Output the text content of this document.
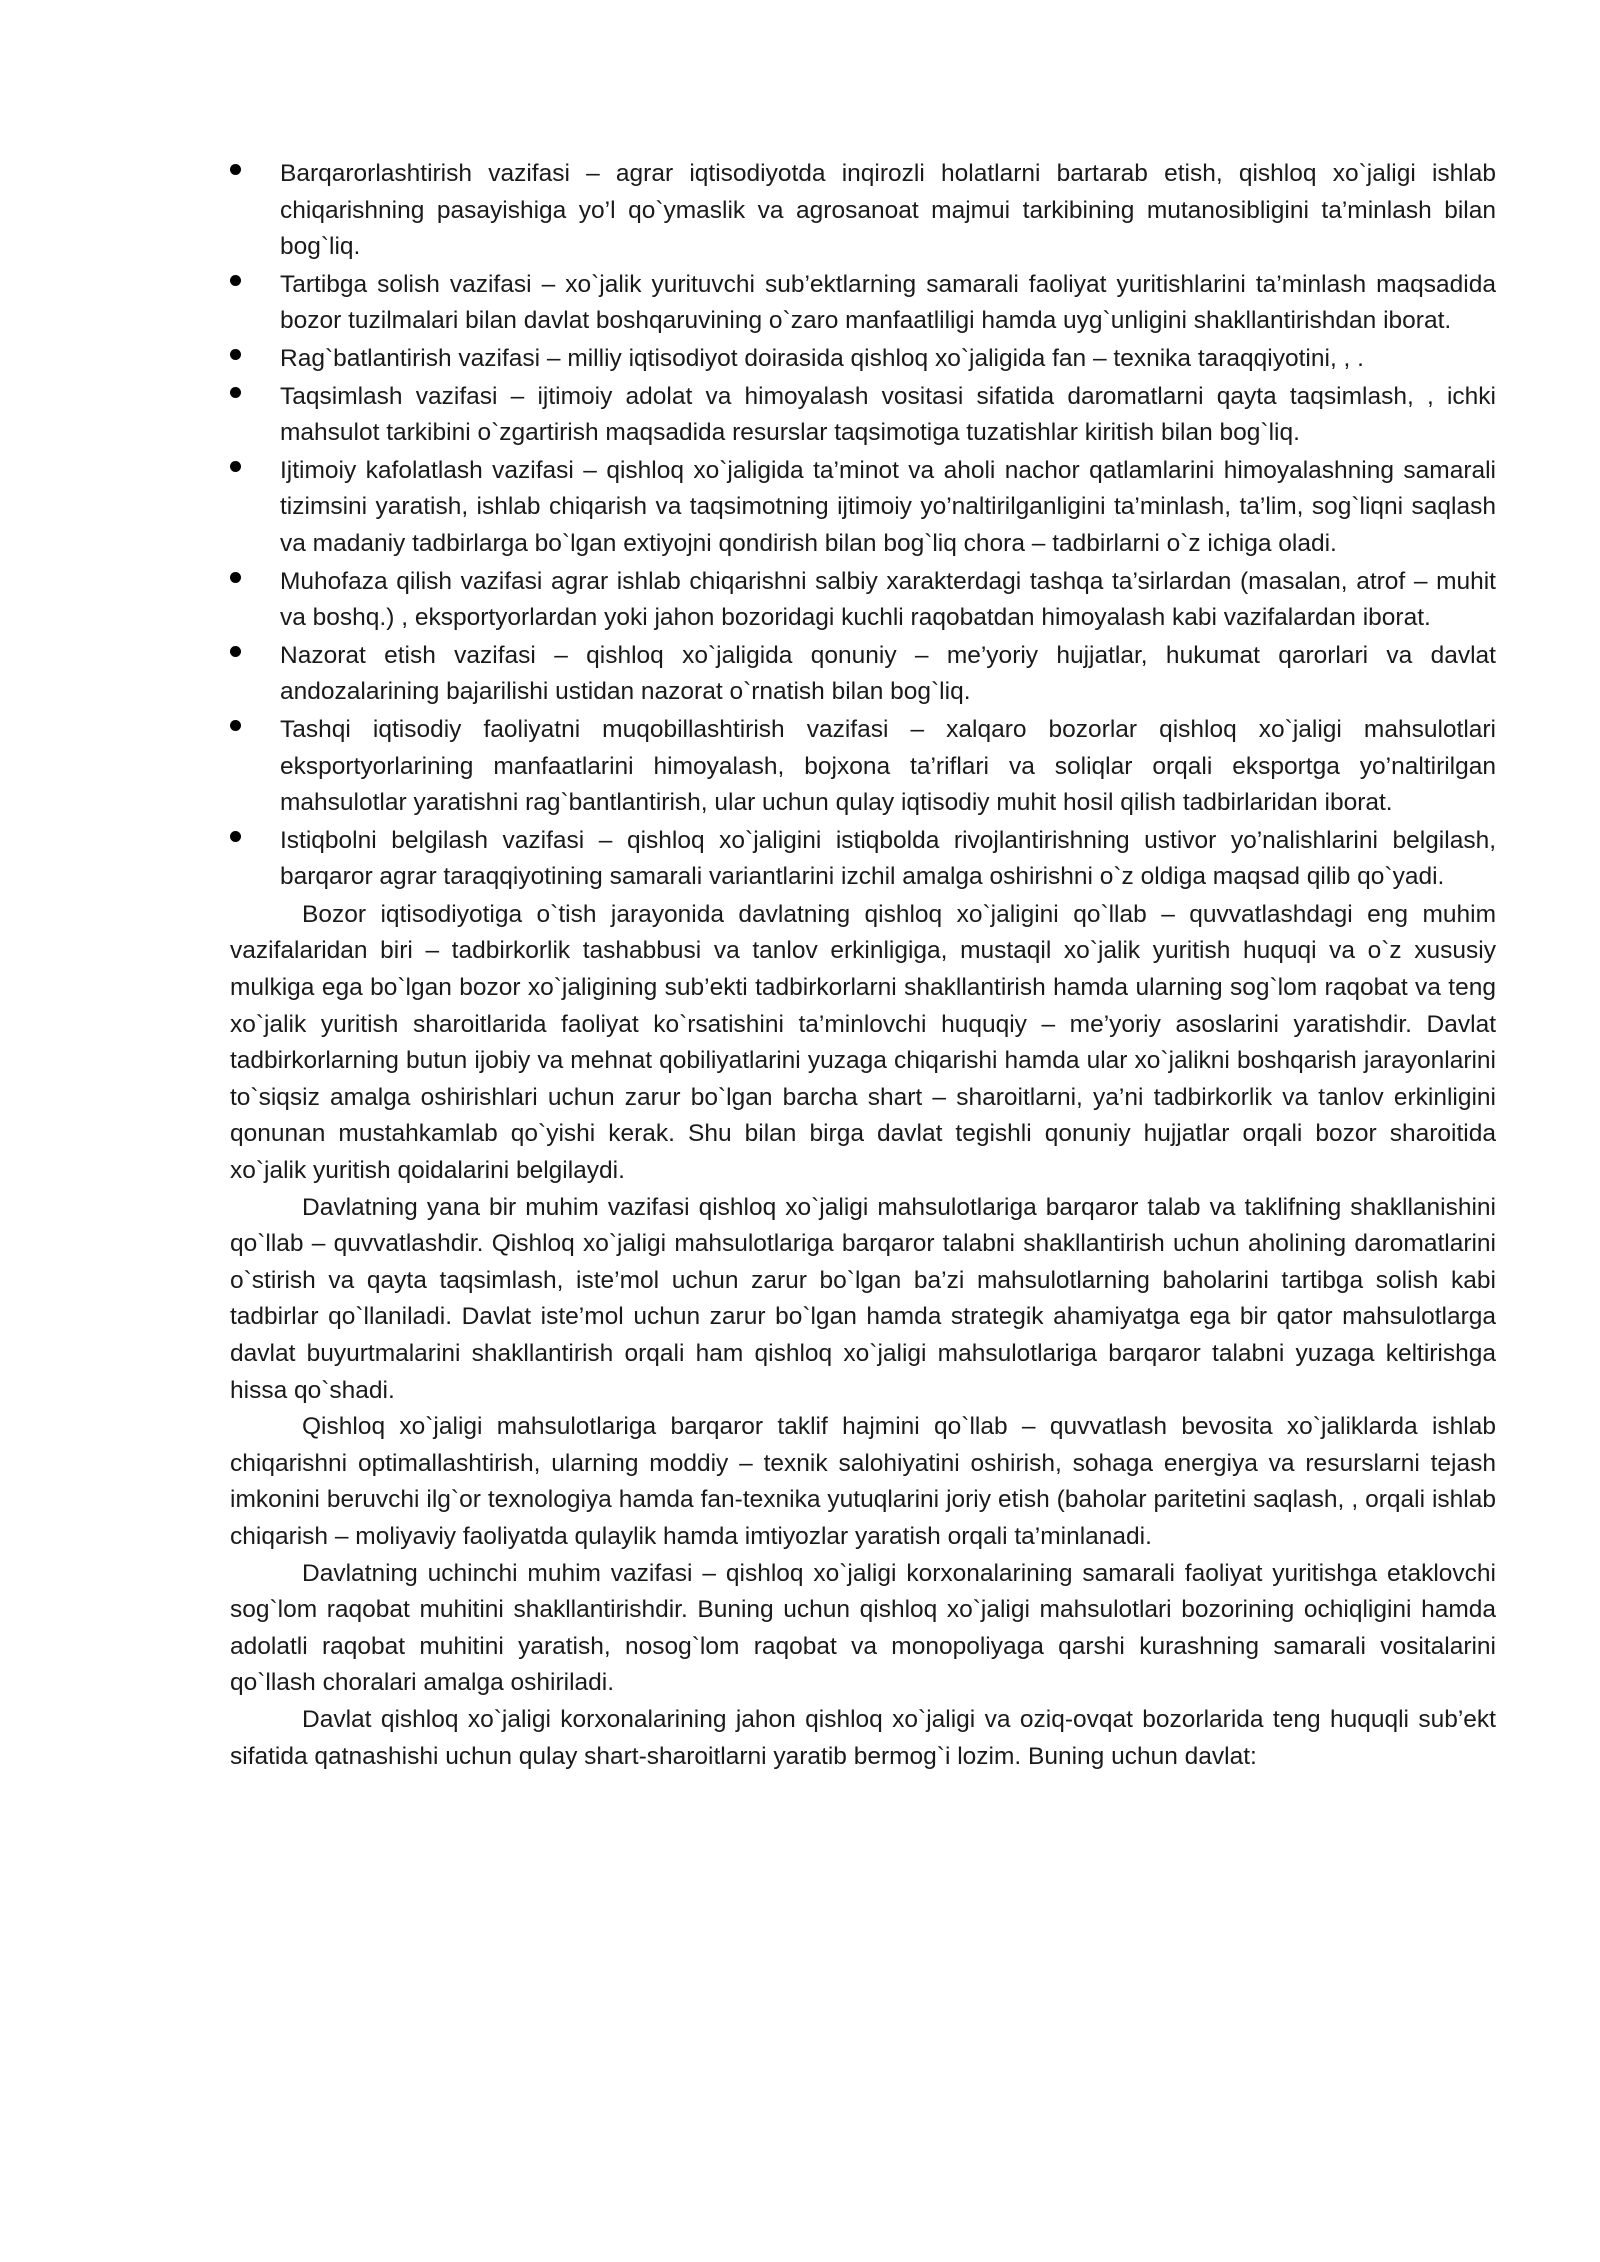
Barqarorlashtirish vazifasi – agrar iqtisodiyotda inqirozli holatlarni bartarab etish, qishloq xo`jaligi ishlab chiqarishning pasayishiga yo’l qo`ymaslik va agrosanoat majmui tarkibining mutanosibligini ta’minlash bilan bog`liq.
Tartibga solish vazifasi – xo`jalik yurituvchi sub’ektlarning samarali faoliyat yuritishlarini ta’minlash maqsadida bozor tuzilmalari bilan davlat boshqaruvining o`zaro manfaatliligi hamda uyg`unligini shakllantirishdan iborat.
Rag`batlantirish vazifasi – milliy iqtisodiyot doirasida qishloq xo`jaligida fan – texnika taraqqiyotini, , .
Taqsimlash vazifasi – ijtimoiy adolat va himoyalash vositasi sifatida daromatlarni qayta taqsimlash, , ichki mahsulot tarkibini o`zgartirish maqsadida resurslar taqsimotiga tuzatishlar kiritish bilan bog`liq.
Ijtimoiy kafolatlash vazifasi – qishloq xo`jaligida ta’minot va aholi nachor qatlamlarini himoyalashning samarali tizimsini yaratish, ishlab chiqarish va taqsimotning ijtimoiy yo’naltirilganligini ta’minlash, ta’lim, sog`liqni saqlash va madaniy tadbirlarga bo`lgan extiyojni qondirish bilan bog`liq chora – tadbirlarni o`z ichiga oladi.
Muhofaza qilish vazifasi agrar ishlab chiqarishni salbiy xarakterdagi tashqa ta’sirlardan (masalan, atrof – muhit va boshq.) , eksportyorlardan yoki jahon bozoridagi kuchli raqobatdan himoyalash kabi vazifalardan iborat.
Nazorat etish vazifasi – qishloq xo`jaligida qonuniy – me’yoriy hujjatlar, hukumat qarorlari va davlat andozalarining bajarilishi ustidan nazorat o`rnatish bilan bog`liq.
Tashqi iqtisodiy faoliyatni muqobillashtirish vazifasi – xalqaro bozorlar qishloq xo`jaligi mahsulotlari eksportyorlarining manfaatlarini himoyalash, bojxona ta’riflari va soliqlar orqali eksportga yo’naltirilgan mahsulotlar yaratishni rag`bantlantirish, ular uchun qulay iqtisodiy muhit hosil qilish tadbirlaridan iborat.
Istiqbolni belgilash vazifasi – qishloq xo`jaligini istiqbolda rivojlantirishning ustivor yo’nalishlarini belgilash, barqaror agrar taraqqiyotining samarali variantlarini izchil amalga oshirishni o`z oldiga maqsad qilib qo`yadi.

Bozor iqtisodiyotiga o`tish jarayonida davlatning qishloq xo`jaligini qo`llab – quvvatlashdagi eng muhim vazifalaridan biri – tadbirkorlik tashabbusi va tanlov erkinligiga, mustaqil xo`jalik yuritish huquqi va o`z xususiy mulkiga ega bo`lgan bozor xo`jaligining sub’ekti tadbirkorlarni shakllantirish hamda ularning sog`lom raqobat va teng xo`jalik yuritish sharoitlarida faoliyat ko`rsatishini ta’minlovchi huquqiy – me’yoriy asoslarini yaratishdir. Davlat tadbirkorlarning butun ijobiy va mehnat qobiliyatlarini yuzaga chiqarishi hamda ular xo`jalikni boshqarish jarayonlarini to`siqsiz amalga oshirishlari uchun zarur bo`lgan barcha shart – sharoitlarni, ya’ni tadbirkorlik va tanlov erkinligini qonunan mustahkamlab qo`yishi kerak. Shu bilan birga davlat tegishli qonuniy hujjatlar orqali bozor sharoitida xo`jalik yuritish qoidalarini belgilaydi.

Davlatning yana bir muhim vazifasi qishloq xo`jaligi mahsulotlariga barqaror talab va taklifning shakllanishini qo`llab – quvvatlashdir. Qishloq xo`jaligi mahsulotlariga barqaror talabni shakllantirish uchun aholining daromatlarini o`stirish va qayta taqsimlash, iste’mol uchun zarur bo`lgan ba’zi mahsulotlarning baholarini tartibga solish kabi tadbirlar qo`llaniladi. Davlat iste’mol uchun zarur bo`lgan hamda strategik ahamiyatga ega bir qator mahsulotlarga davlat buyurtmalarini shakllantirish orqali ham qishloq xo`jaligi mahsulotlariga barqaror talabni yuzaga keltirishga hissa qo`shadi.

Qishloq xo`jaligi mahsulotlariga barqaror taklif hajmini qo`llab – quvvatlash bevosita xo`jaliklarda ishlab chiqarishni optimallashtirish, ularning moddiy – texnik salohiyatini oshirish, sohaga energiya va resurslarni tejash imkonini beruvchi ilg`or texnologiya hamda fan-texnika yutuqlarini joriy etish (baholar paritetini saqlash, , orqali ishlab chiqarish – moliyaviy faoliyatda qulaylik hamda imtiyozlar yaratish orqali ta’minlanadi.

Davlatning uchinchi muhim vazifasi – qishloq xo`jaligi korxonalarining samarali faoliyat yuritishga etaklovchi sog`lom raqobat muhitini shakllantirishdir. Buning uchun qishloq xo`jaligi mahsulotlari bozorining ochiqligini hamda adolatli raqobat muhitini yaratish, nosog`lom raqobat va monopoliyaga qarshi kurashning samarali vositalarini qo`llash choralari amalga oshiriladi.

Davlat qishloq xo`jaligi korxonalarining jahon qishloq xo`jaligi va oziq-ovqat bozorlarida teng huquqli sub’ekt sifatida qatnashishi uchun qulay shart-sharoitlarni yaratib bermog`i lozim. Buning uchun davlat:
